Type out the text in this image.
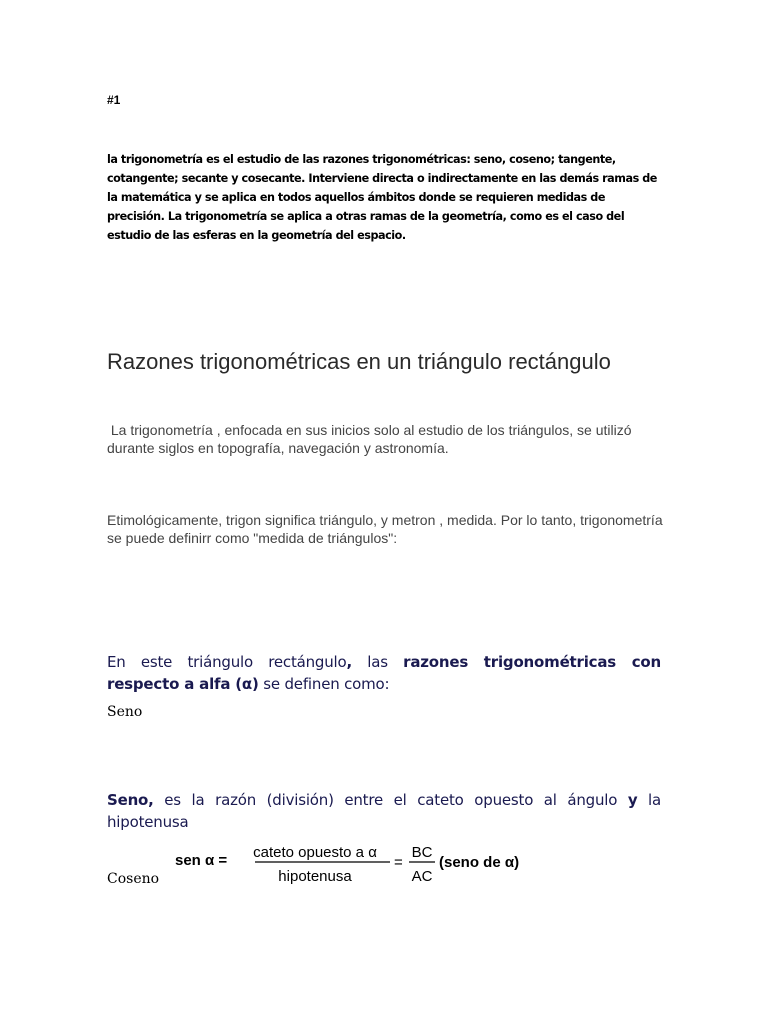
#1
la trigonometría es el estudio de las razones trigonométricas: seno, coseno; tangente, cotangente; secante y cosecante. Interviene directa o indirectamente en las demás ramas de la matemática y se aplica en todos aquellos ámbitos donde se requieren medidas de precisión. La trigonometría se aplica a otras ramas de la geometría, como es el caso del estudio de las esferas en la geometría del espacio.
Razones trigonométricas en un triángulo rectángulo
La trigonometría , enfocada en sus inicios solo al estudio de los triángulos, se utilizó durante siglos en topografía, navegación y astronomía.
Etimológicamente, trigon significa triángulo, y metron , medida. Por lo tanto, trigonometría se puede definirr como "medida de triángulos":
En este triángulo rectángulo, las razones trigonométricas con respecto a alfa (α) se definen como:
Seno
Seno, es la razón (división) entre el cateto opuesto al ángulo y la hipotenusa
sen α = cateto opuesto a α
hipotenusa
=
BC
AC
(seno de α)
Coseno
